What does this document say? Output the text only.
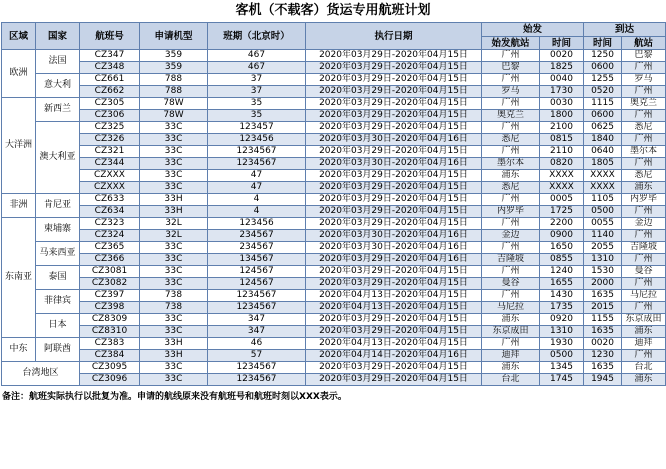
客机（不载客）货运专用航班计划
区域	国家	航班号	申请机型	班期（北京时）	执行日期	始发		到达	
						始发航站	时间	时间	航站
欧洲	法国	CZ347	359	467	2020年03月29日-2020年04月15日	广州	0020	1250	巴黎
		CZ348	359	467	2020年03月29日-2020年04月15日	巴黎	1825	0600	广州
	意大利	CZ661	788	37	2020年03月29日-2020年04月15日	广州	0040	1255	罗马
		CZ662	788	37	2020年03月29日-2020年04月15日	罗马	1730	0520	广州
大洋洲	新西兰	CZ305	78W	35	2020年03月29日-2020年04月15日	广州	0030	1115	奥克兰
		CZ306	78W	35	2020年03月29日-2020年04月15日	奥克兰	1800	0600	广州
	澳大利亚	CZ325	33C	123457	2020年03月29日-2020年04月15日	广州	2100	0625	悉尼
		CZ326	33C	123456	2020年03月30日-2020年04月16日	悉尼	0815	1840	广州
		CZ321	33C	1234567	2020年03月29日-2020年04月15日	广州	2110	0640	墨尔本
		CZ344	33C	1234567	2020年03月30日-2020年04月16日	墨尔本	0820	1805	广州
		CZXXX	33C	47	2020年03月29日-2020年04月15日	浦东	XXXX	XXXX	悉尼
		CZXXX	33C	47	2020年03月29日-2020年04月15日	悉尼	XXXX	XXXX	浦东
非洲	肯尼亚	CZ633	33H	4	2020年03月29日-2020年04月15日	广州	0005	1105	内罗毕
		CZ634	33H	4	2020年03月29日-2020年04月15日	内罗毕	1725	0500	广州
东南亚	柬埔寨	CZ323	32L	123456	2020年03月29日-2020年04月15日	广州	2200	0055	金边
		CZ324	32L	234567	2020年03月30日-2020年04月16日	金边	0900	1140	广州
	马来西亚	CZ365	33C	234567	2020年03月30日-2020年04月16日	广州	1650	2055	吉隆坡
		CZ366	33C	134567	2020年03月29日-2020年04月16日	吉隆坡	0855	1310	广州
	泰国	CZ3081	33C	124567	2020年03月29日-2020年04月15日	广州	1240	1530	曼谷
		CZ3082	33C	124567	2020年03月29日-2020年04月15日	曼谷	1655	2000	广州
	菲律宾	CZ397	738	1234567	2020年04月13日-2020年04月15日	广州	1430	1635	马尼拉
		CZ398	738	1234567	2020年04月13日-2020年04月15日	马尼拉	1735	2015	广州
	日本	CZ8309	33C	347	2020年03月29日-2020年04月15日	浦东	0920	1155	东京成田
		CZ8310	33C	347	2020年03月29日-2020年04月15日	东京成田	1310	1635	浦东
中东	阿联酋	CZ383	33H	46	2020年04月13日-2020年04月15日	广州	1930	0020	迪拜
		CZ384	33H	57	2020年04月14日-2020年04月16日	迪拜	0500	1230	广州
台湾地区		CZ3095	33C	1234567	2020年03月29日-2020年04月15日	浦东	1345	1635	台北
		CZ3096	33C	1234567	2020年03月29日-2020年04月15日	台北	1745	1945	浦东
备注：航班实际执行以批复为准。申请的航线原来没有航班号和航班时刻以XXX表示。
